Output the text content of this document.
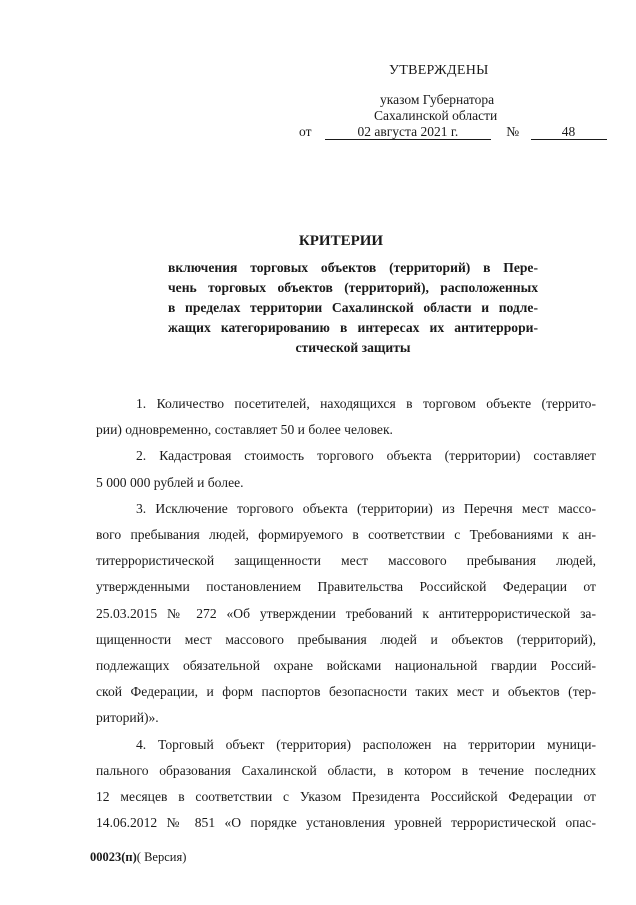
УТВЕРЖДЕНЫ
указом Губернатора
Сахалинской области
от	02 августа 2021 г.	№	48
КРИТЕРИИ
включения торговых объектов (территорий) в Пере-
чень торговых объектов (территорий), расположенных
в пределах территории Сахалинской области и подле-
жащих категорированию в интересах их антитеррори-
стической защиты
1. Количество посетителей, находящихся в торговом объекте (террито-
рии) одновременно, составляет 50 и более человек.
2. Кадастровая стоимость торгового объекта (территории) составляет
5 000 000 рублей и более.
3. Исключение торгового объекта (территории) из Перечня мест массо-
вого пребывания людей, формируемого в соответствии с Требованиями к ан-
титеррористической защищенности мест массового пребывания людей,
утвержденными постановлением Правительства Российской Федерации от
25.03.2015 № 272 «Об утверждении требований к антитеррористической за-
щищенности мест массового пребывания людей и объектов (территорий),
подлежащих обязательной охране войсками национальной гвардии Россий-
ской Федерации, и форм паспортов безопасности таких мест и объектов (тер-
риторий)».
4. Торговый объект (территория) расположен на территории муници-
пального образования Сахалинской области, в котором в течение последних
12 месяцев в соответствии с Указом Президента Российской Федерации от
14.06.2012 № 851 «О порядке установления уровней террористической опас-
00023(п)( Версия)
